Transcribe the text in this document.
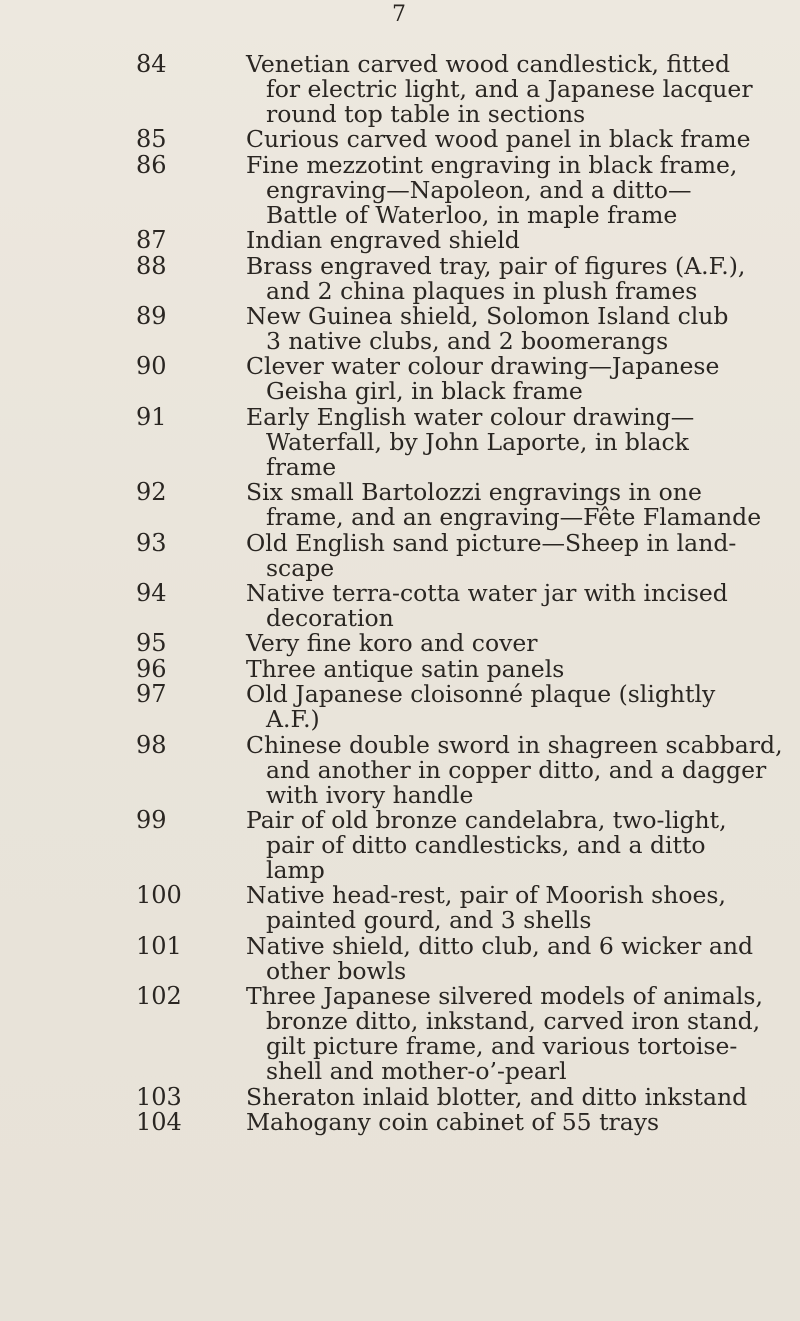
7
84	Venetian carved wood candlestick, fitted
for electric light, and a Japanese lacquer
round top table in sections
85	Curious carved wood panel in black frame
86	Fine mezzotint engraving in black frame,
engraving—Napoleon, and a ditto—
Battle of Waterloo, in maple frame
87	Indian engraved shield
88	Brass engraved tray, pair of figures (A.F.),
and 2 china plaques in plush frames
89	New Guinea shield, Solomon Island club
3 native clubs, and 2 boomerangs
90	Clever water colour drawing—Japanese
Geisha girl, in black frame
91	Early English water colour drawing—
Waterfall, by John Laporte, in black
frame
92	Six small Bartolozzi engravings in one
frame, and an engraving—Fête Flamande
93	Old English sand picture—Sheep in land-
scape
94	Native terra-cotta water jar with incised
decoration
95	Very fine koro and cover
96	Three antique satin panels
97	Old Japanese cloisonné plaque (slightly
A.F.)
98	Chinese double sword in shagreen scabbard,
and another in copper ditto, and a dagger
with ivory handle
99	Pair of old bronze candelabra, two-light,
pair of ditto candlesticks, and a ditto
lamp
100	Native head-rest, pair of Moorish shoes,
painted gourd, and 3 shells
101	Native shield, ditto club, and 6 wicker and
other bowls
102	Three Japanese silvered models of animals,
bronze ditto, inkstand, carved iron stand,
gilt picture frame, and various tortoise-
shell and mother-o’-pearl
103	Sheraton inlaid blotter, and ditto inkstand
104	Mahogany coin cabinet of 55 trays
